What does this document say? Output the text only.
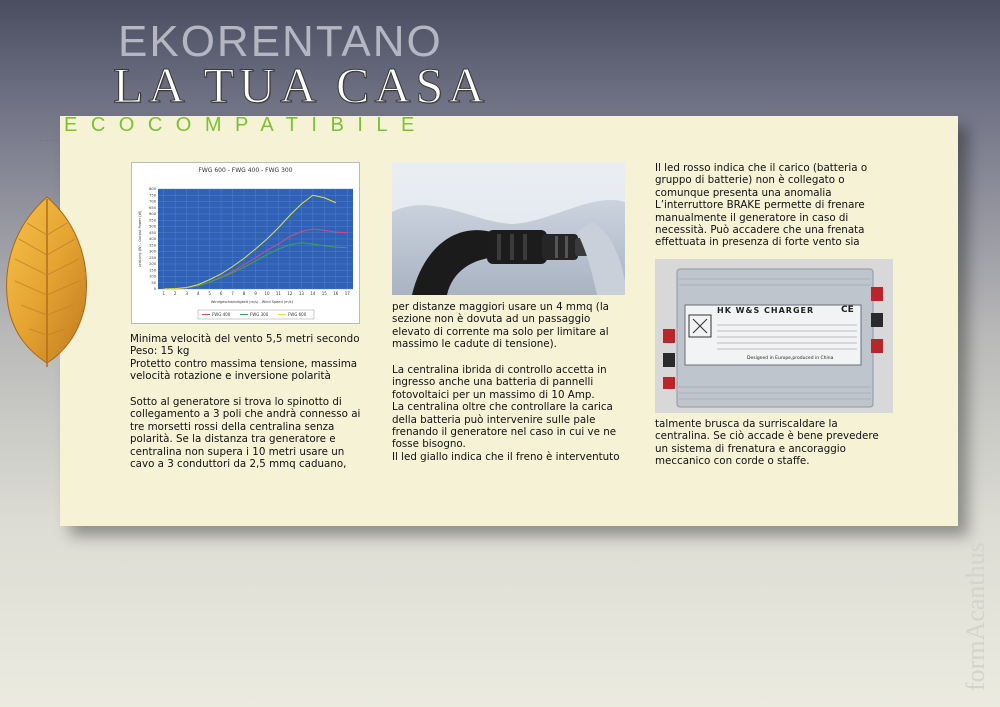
EKORENTANO
LA TUA CASA
ECOCOMPATIBILE
FWG 600 - FWG 400 - FWG 300
800
750
700
650
600
550
500
450
400
350
300
250
200
150
100
50
0
1 2 3 4 5 6 7 8 9 10 11 12 13 14 15 16 17
Leistung (W) - Output Power (W)
Windgeschwindigkeit (m/s) - Wind Speed (m/s)
FWG 400	FWG 300	FWG 600	HK W&S CHARGER	CE
Designed in Europe,produced in China

Minima velocità del vento 5,5 metri secondo
Peso: 15 kg
Protetto contro massima tensione, massima velocità rotazione e inversione polarità

Sotto al generatore si trova lo spinotto di collegamento a 3 poli che andrà connesso ai tre morsetti rossi della centralina senza polarità. Se la distanza tra generatore e centralina non supera i 10 metri usare un cavo a 3 conduttori da 2,5 mmq caduano,

per distanze maggiori usare un 4 mmq (la sezione non è dovuta ad un passaggio elevato di corrente ma solo per limitare al massimo le cadute di tensione).

La centralina ibrida di controllo accetta in ingresso anche una batteria di pannelli fotovoltaici per un massimo di 10 Amp.
La centralina oltre che controllare la carica della batteria può intervenire sulle pale frenando il generatore nel caso in cui ve ne fosse bisogno.
Il led giallo indica che il freno è interventuto

Il led rosso indica che il carico (batteria o gruppo di batterie) non è collegato o comunque presenta una anomalia
L’interruttore BRAKE permette di frenare manualmente il generatore in caso di necessità. Può accadere che una frenata effettuata in presenza di forte vento sia

talmente brusca da surriscaldare la centralina. Se ciò accade è bene prevedere un sistema di frenatura e ancoraggio meccanico con corde o staffe.

formAcanthus
